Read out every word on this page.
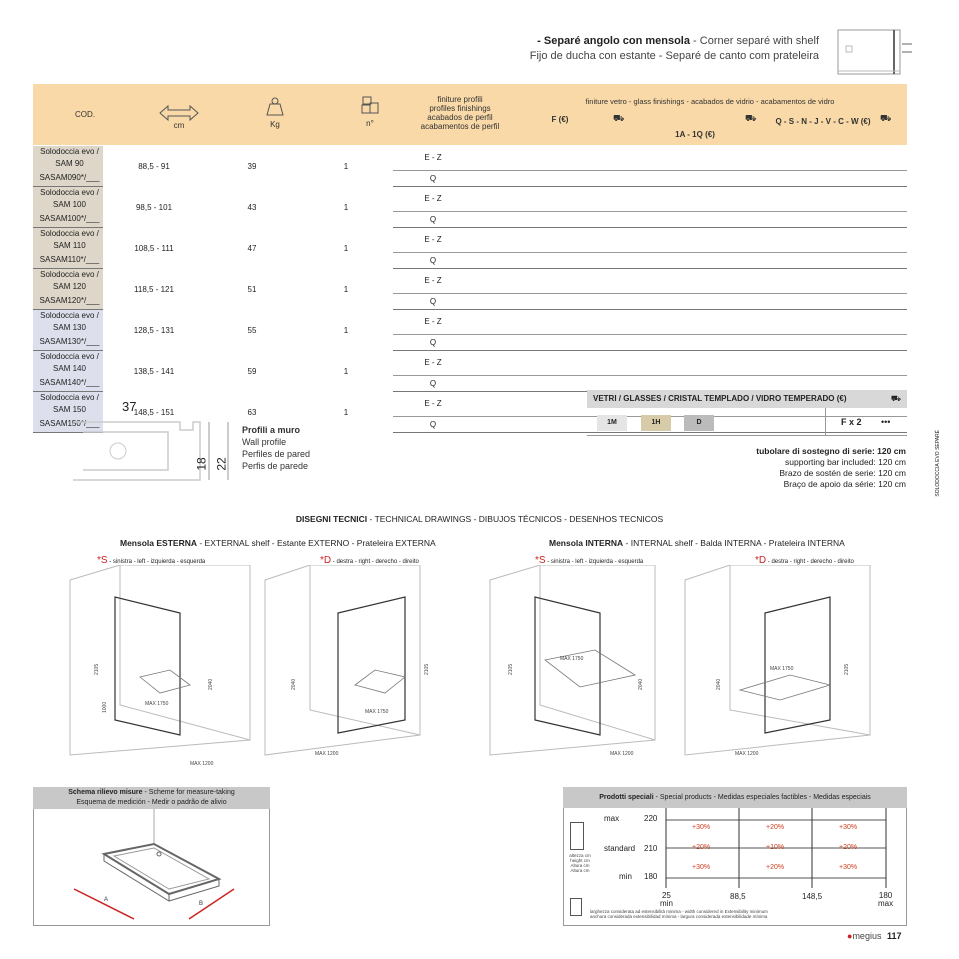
- Separé angolo con mensola - Corner separé with shelf
Fijo de ducha con estante - Separé de canto com prateleira
COD.
cm	Kg	n°
finiture profili
profiles finishings
acabados de perfil
acabamentos de perfil
finiture vetro - glass finishings - acabados de vidrio - acabamentos de vidro
F (€)	⛟
1A - 1Q (€)
⛟	Q - S - N - J - V - C - W (€)	⛟
Solodoccia evo / SAM 90	88,5 - 91	39	1	E - Z	
SASAM090*/___				Q	
Solodoccia evo / SAM 100	98,5 - 101	43	1	E - Z	
SASAM100*/___				Q	
Solodoccia evo / SAM 110	108,5 - 111	47	1	E - Z	
SASAM110*/___				Q	
Solodoccia evo / SAM 120	118,5 - 121	51	1	E - Z	
SASAM120*/___				Q	
Solodoccia evo / SAM 130	128,5 - 131	55	1	E - Z	
SASAM130*/___				Q	
Solodoccia evo / SAM 140	138,5 - 141	59	1	E - Z	
SASAM140*/___				Q	
Solodoccia evo / SAM 150	148,5 - 151	63	1	E - Z	
SASAM150*/___				Q	
37
18 22
Profili a muro
Wall profile
Perfiles de pared
Perfis de parede
VETRI / GLASSES / CRISTAL TEMPLADO / VIDRO TEMPERADO (€)	⛟
1M	1H	D	F x 2 •••
tubolare di sostegno di serie: 120 cm
supporting bar included: 120 cm
Brazo de sostén de serie: 120 cm
Braço de apoio da série: 120 cm	SOLODOCCIA EVO SEPARÉ
DISEGNI TECNICI - TECHNICAL DRAWINGS - DIBUJOS TÉCNICOS - DESENHOS TECNICOS
Mensola ESTERNA - EXTERNAL shelf - Estante EXTERNO - Prateleira EXTERNA	Mensola INTERNA - INTERNAL shelf - Balda INTERNA - Prateleira INTERNA
*S - sinistra - left - izquierda - esquerda	*D - destra - right - derecho - direito	*S - sinistra - left - izquierda - esquerda	*D - destra - right - derecho - direito
2105
2040
1000	MAX 1750
MAX 1200
2040
2105
MAX 1750
MAX 1200
2105
2040
MAX 1750
MAX 1200
2040
2105
MAX 1750
MAX 1200
Schema rilievo misure - Scheme for measure-taking
Esquema de medición - Medir o padrão de alivio
A
B
Prodotti speciali - Special products - Medidas especiales factibles - Medidas especiais
altezza cm
height cm
Altura cm
Altura cm
max	220
standard 210
min 180
+30%	+20%	+30%
+20%	+10%	+20%
+30%	+20%	+30%
25
min
88,5	148,5	180
max
larghezza considerata ad estensibilità minima - width considered in Extensibility minimum
anchura considerada extensibilidad mínima - largura considerada extensibilidade mínima
●megius 117
